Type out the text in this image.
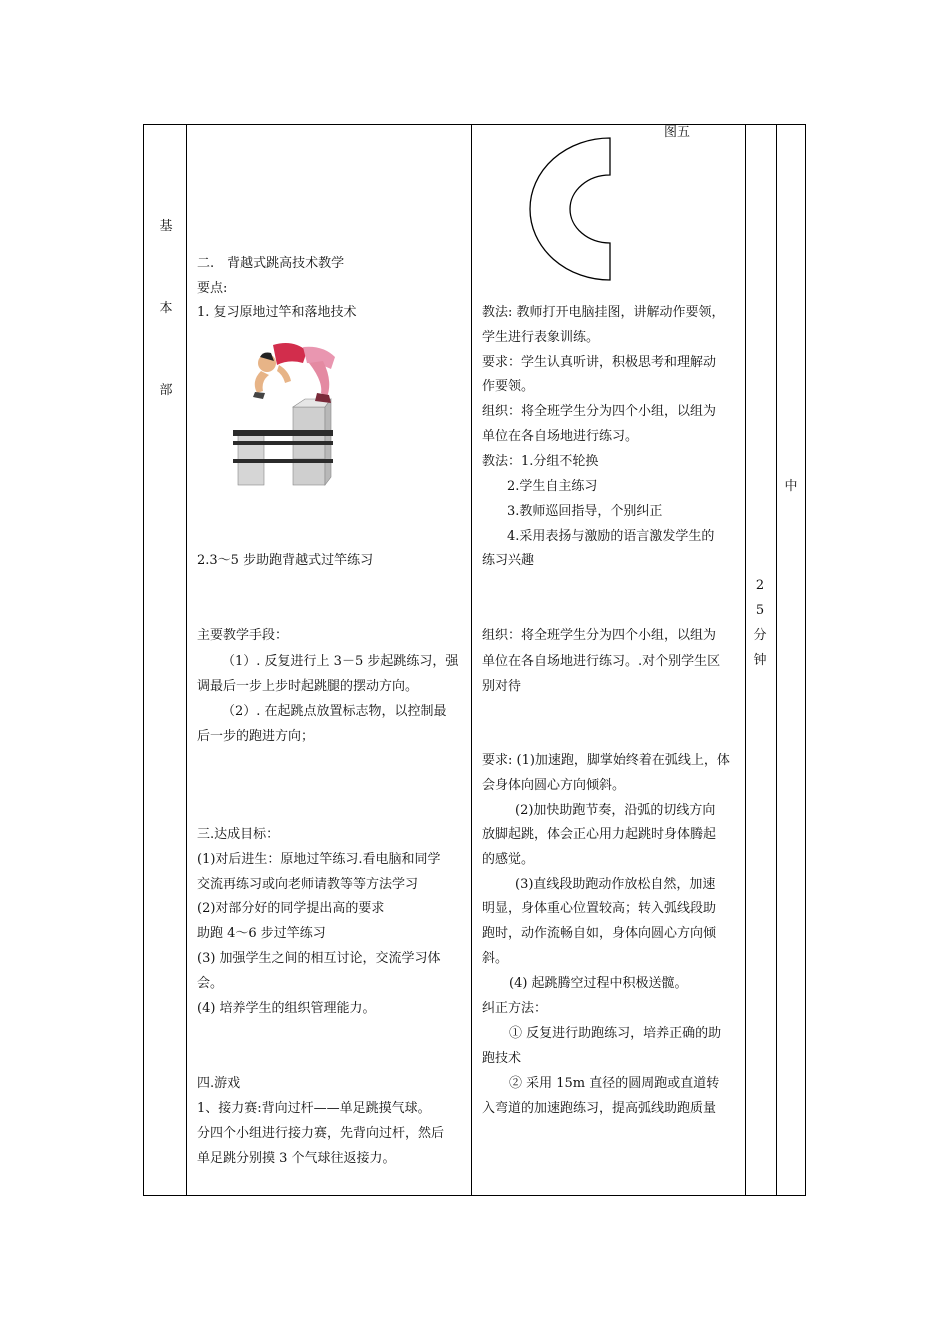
基
本
部
二.　背越式跳高技术教学
要点:
1. 复习原地过竿和落地技术
2.3～5 步助跑背越式过竿练习
主要教学手段：
（1）. 反复进行上 3－5 步起跳练习，强
调最后一步上步时起跳腿的摆动方向。
（2）. 在起跳点放置标志物，以控制最
后一步的跑进方向；
三.达成目标：
(1)对后进生：原地过竿练习.看电脑和同学
交流再练习或向老师请教等等方法学习
(2)对部分好的同学提出高的要求
助跑 4～6 步过竿练习
(3) 加强学生之间的相互讨论，交流学习体
会。
(4) 培养学生的组织管理能力。
四.游戏
1、接力赛:背向过杆——单足跳摸气球。
分四个小组进行接力赛，先背向过杆，然后
单足跳分别摸 3 个气球往返接力。
图五
教法: 教师打开电脑挂图，讲解动作要领，
学生进行表象训练。
要求：学生认真听讲，积极思考和理解动
作要领。
组织：将全班学生分为四个小组，以组为
单位在各自场地进行练习。
教法：1.分组不轮换
2.学生自主练习
3.教师巡回指导，个别纠正
4.采用表扬与激励的语言激发学生的
练习兴趣
组织：将全班学生分为四个小组，以组为
单位在各自场地进行练习。.对个别学生区
别对待
要求: (1)加速跑，脚掌始终着在弧线上，体
会身体向圆心方向倾斜。
(2)加快助跑节奏，沿弧的切线方向
放脚起跳，体会正心用力起跳时身体腾起
的感觉。
(3)直线段助跑动作放松自然，加速
明显，身体重心位置较高；转入弧线段助
跑时，动作流畅自如，身体向圆心方向倾
斜。
(4) 起跳腾空过程中积极送髋。
纠正方法：
① 反复进行助跑练习，培养正确的助
跑技术
② 采用 15m 直径的圆周跑或直道转
入弯道的加速跑练习，提高弧线助跑质量
2
5
分
钟
中
